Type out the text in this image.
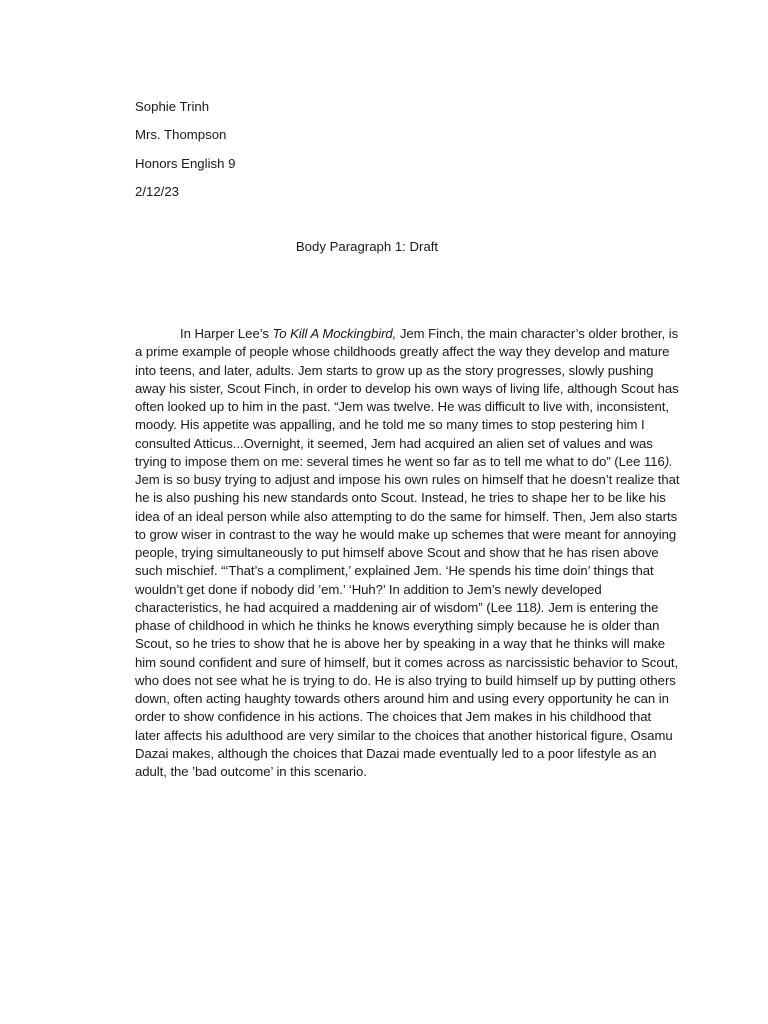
Sophie Trinh
Mrs. Thompson
Honors English 9
2/12/23
Body Paragraph 1: Draft

In Harper Lee’s To Kill A Mockingbird, Jem Finch, the main character’s older brother, is a prime example of people whose childhoods greatly affect the way they develop and mature into teens, and later, adults. Jem starts to grow up as the story progresses, slowly pushing away his sister, Scout Finch, in order to develop his own ways of living life, although Scout has often looked up to him in the past. “Jem was twelve. He was difficult to live with, inconsistent, moody. His appetite was appalling, and he told me so many times to stop pestering him I consulted Atticus...Overnight, it seemed, Jem had acquired an alien set of values and was trying to impose them on me: several times he went so far as to tell me what to do” (Lee 116). Jem is so busy trying to adjust and impose his own rules on himself that he doesn’t realize that he is also pushing his new standards onto Scout. Instead, he tries to shape her to be like his idea of an ideal person while also attempting to do the same for himself. Then, Jem also starts to grow wiser in contrast to the way he would make up schemes that were meant for annoying people, trying simultaneously to put himself above Scout and show that he has risen above such mischief. “‘That’s a compliment,’ explained Jem. ‘He spends his time doin’ things that wouldn’t get done if nobody did ’em.’ ‘Huh?’ In addition to Jem’s newly developed characteristics, he had acquired a maddening air of wisdom” (Lee 118). Jem is entering the phase of childhood in which he thinks he knows everything simply because he is older than Scout, so he tries to show that he is above her by speaking in a way that he thinks will make him sound confident and sure of himself, but it comes across as narcissistic behavior to Scout, who does not see what he is trying to do. He is also trying to build himself up by putting others down, often acting haughty towards others around him and using every opportunity he can in order to show confidence in his actions. The choices that Jem makes in his childhood that later affects his adulthood are very similar to the choices that another historical figure, Osamu Dazai makes, although the choices that Dazai made eventually led to a poor lifestyle as an adult, the ’bad outcome’ in this scenario.
